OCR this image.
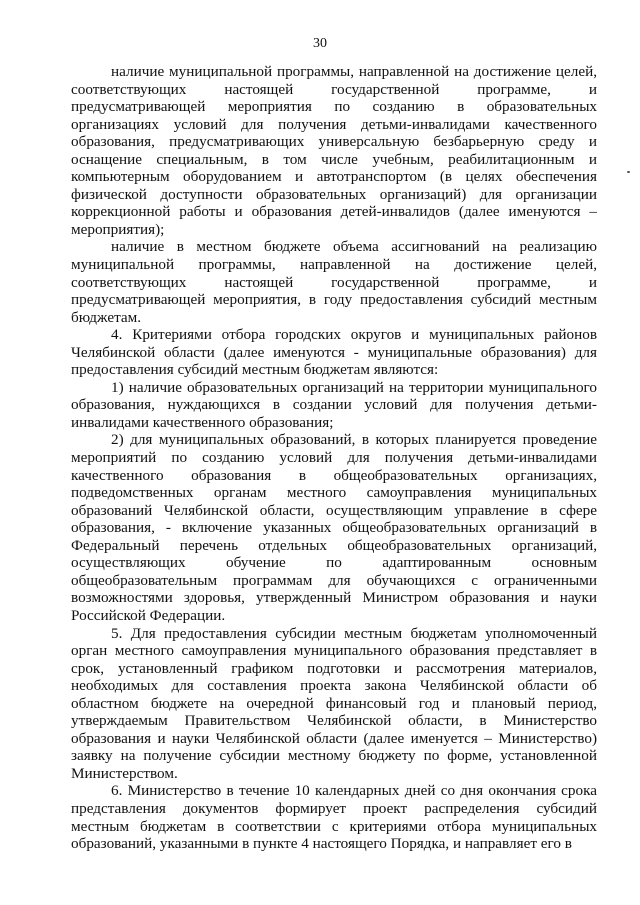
30
наличие муниципальной программы, направленной на достижение целей,
соответствующих настоящей государственной программе, и
предусматривающей мероприятия по созданию в образовательных
организациях условий для получения детьми-инвалидами качественного
образования, предусматривающих универсальную безбарьерную среду и
оснащение специальным, в том числе учебным, реабилитационным и
компьютерным оборудованием и автотранспортом (в целях обеспечения
физической доступности образовательных организаций) для организации
коррекционной работы и образования детей-инвалидов (далее именуются –
мероприятия);
наличие в местном бюджете объема ассигнований на реализацию
муниципальной программы, направленной на достижение целей,
соответствующих настоящей государственной программе, и
предусматривающей мероприятия, в году предоставления субсидий местным
бюджетам.
4. Критериями отбора городских округов и муниципальных районов
Челябинской области (далее именуются - муниципальные образования) для
предоставления субсидий местным бюджетам являются:
1) наличие образовательных организаций на территории муниципального
образования, нуждающихся в создании условий для получения детьми-
инвалидами качественного образования;
2) для муниципальных образований, в которых планируется проведение
мероприятий по созданию условий для получения детьми-инвалидами
качественного образования в общеобразовательных организациях,
подведомственных органам местного самоуправления муниципальных
образований Челябинской области, осуществляющим управление в сфере
образования, - включение указанных общеобразовательных организаций в
Федеральный перечень отдельных общеобразовательных организаций,
осуществляющих обучение по адаптированным основным
общеобразовательным программам для обучающихся с ограниченными
возможностями здоровья, утвержденный Министром образования и науки
Российской Федерации.
5. Для предоставления субсидии местным бюджетам уполномоченный
орган местного самоуправления муниципального образования представляет в
срок, установленный графиком подготовки и рассмотрения материалов,
необходимых для составления проекта закона Челябинской области об
областном бюджете на очередной финансовый год и плановый период,
утверждаемым Правительством Челябинской области, в Министерство
образования и науки Челябинской области (далее именуется – Министерство)
заявку на получение субсидии местному бюджету по форме, установленной
Министерством.
6. Министерство в течение 10 календарных дней со дня окончания срока
представления документов формирует проект распределения субсидий
местным бюджетам в соответствии с критериями отбора муниципальных
образований, указанными в пункте 4 настоящего Порядка, и направляет его в
